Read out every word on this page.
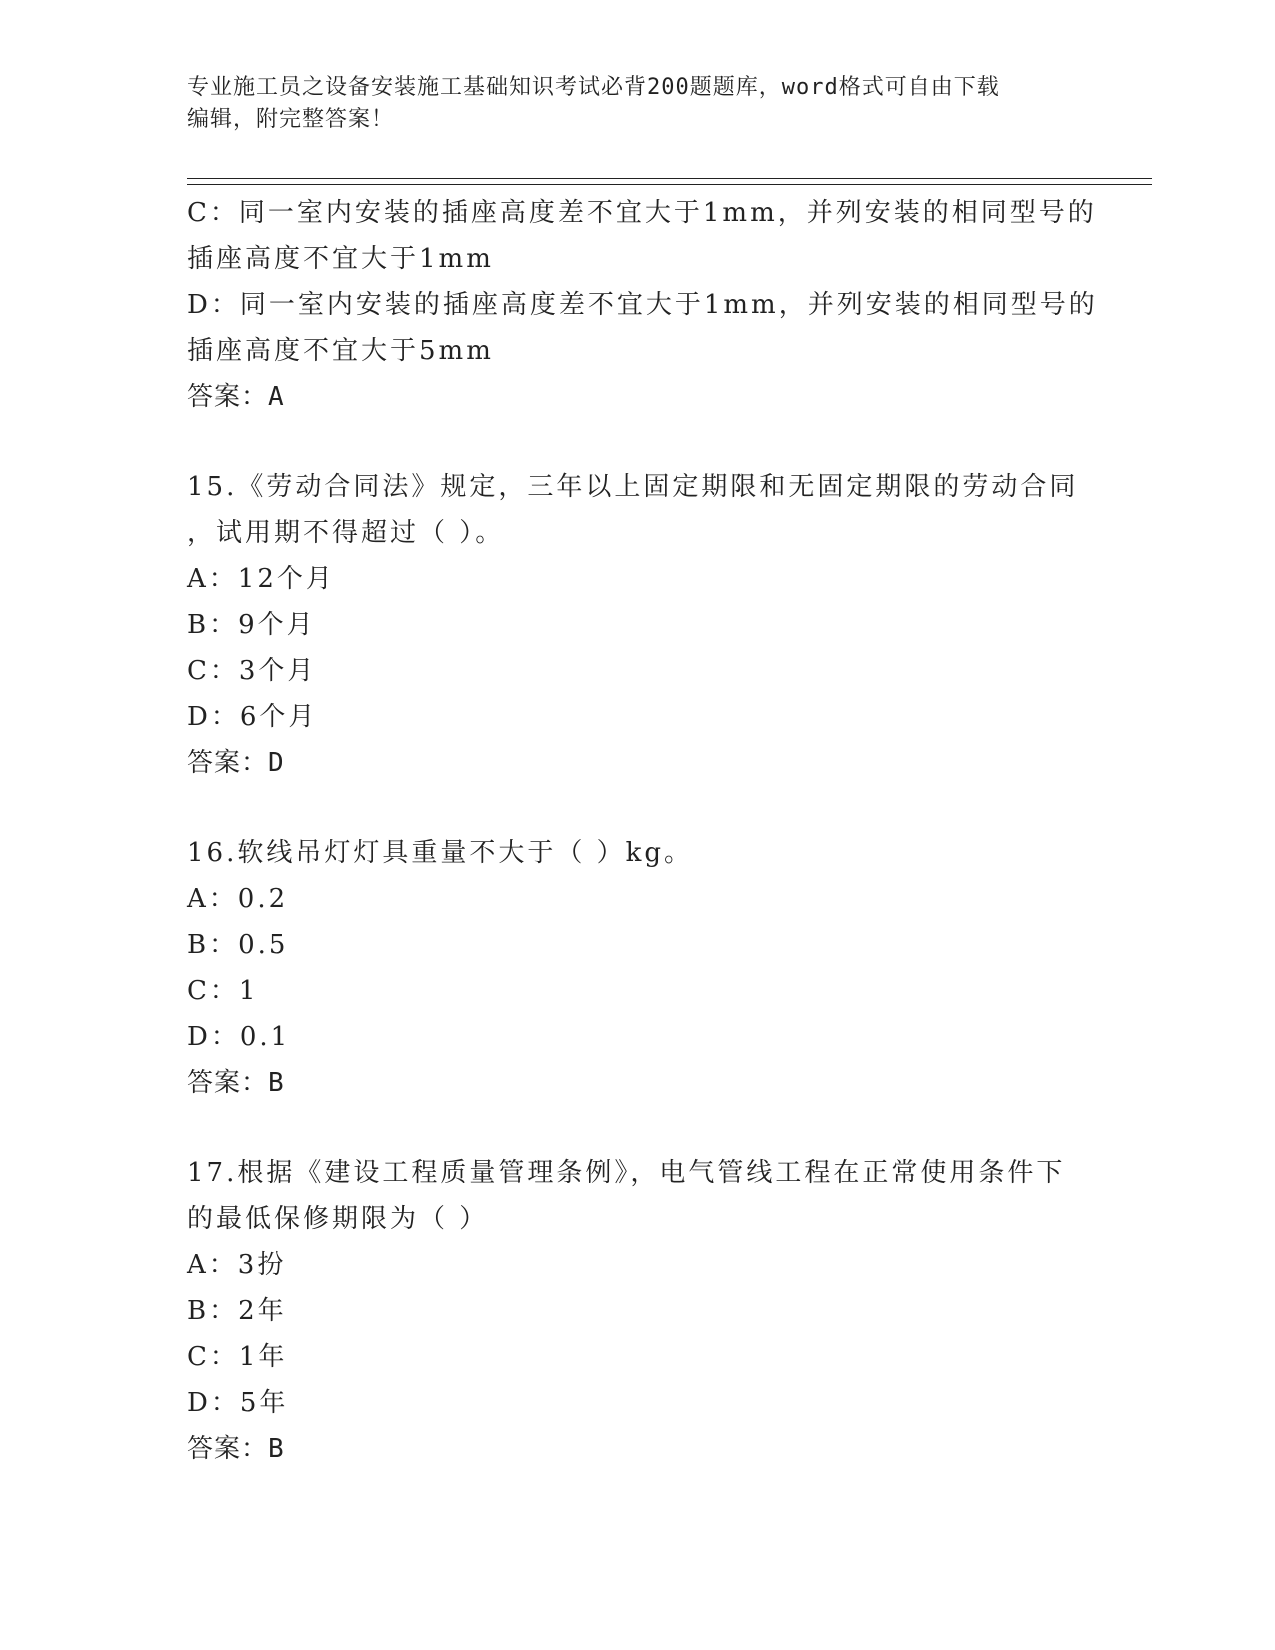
专业施工员之设备安装施工基础知识考试必背200题题库，word格式可自由下载
编辑，附完整答案！
C：同一室内安装的插座高度差不宜大于1mm，并列安装的相同型号的
插座高度不宜大于1mm
D：同一室内安装的插座高度差不宜大于1mm，并列安装的相同型号的
插座高度不宜大于5mm
答案：A
15.《劳动合同法》规定，三年以上固定期限和无固定期限的劳动合同
，试用期不得超过（ ）。
A：12个月
B：9个月
C：3个月
D：6个月
答案：D
16.软线吊灯灯具重量不大于（ ）kg。
A：0.2
B：0.5
C：1
D：0.1
答案：B
17.根据《建设工程质量管理条例》，电气管线工程在正常使用条件下
的最低保修期限为（ ）
A：3扮
B：2年
C：1年
D：5年
答案：B
